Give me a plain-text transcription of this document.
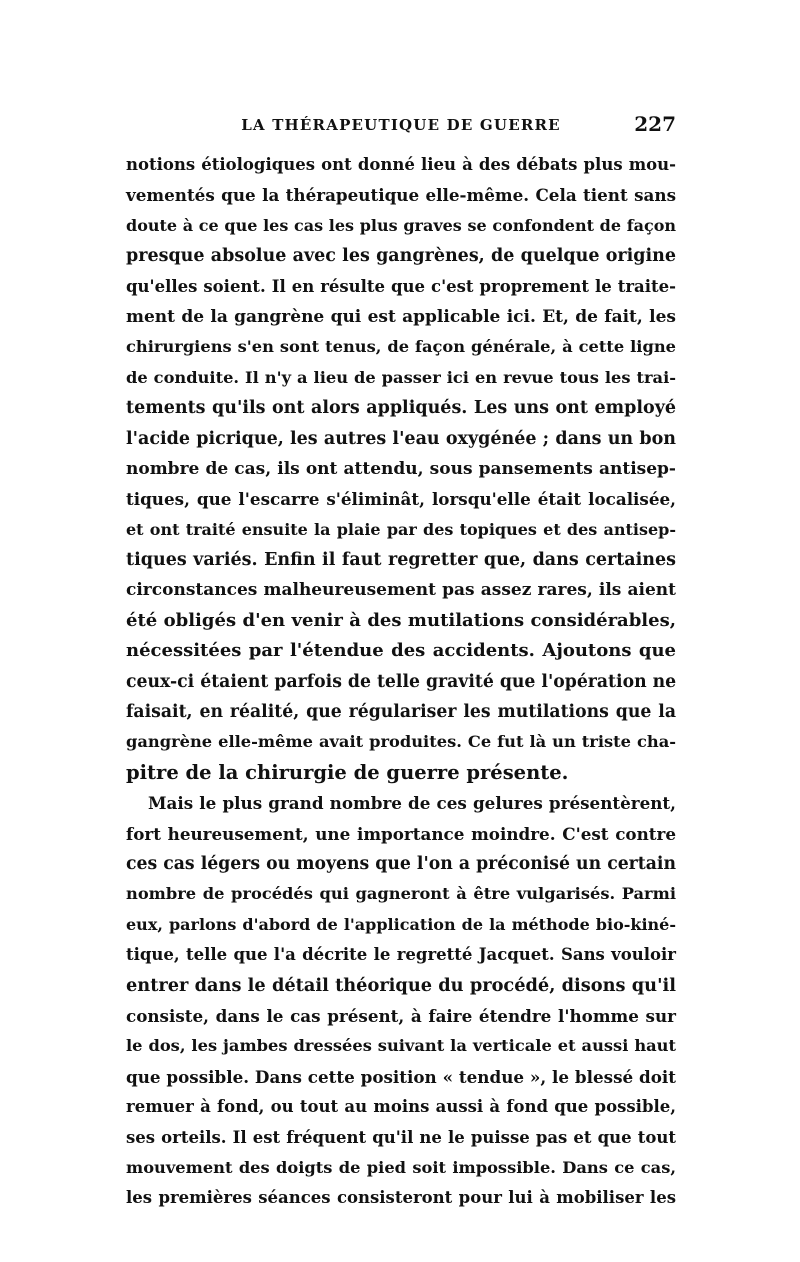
LA THÉRAPEUTIQUE DE GUERRE	227
notions étiologiques ont donné lieu à des débats plus mou-
vementés que la thérapeutique elle-même. Cela tient sans
doute à ce que les cas les plus graves se confondent de façon
presque absolue avec les gangrènes, de quelque origine
qu'elles soient. Il en résulte que c'est proprement le traite-
ment de la gangrène qui est applicable ici. Et, de fait, les
chirurgiens s'en sont tenus, de façon générale, à cette ligne
de conduite. Il n'y a lieu de passer ici en revue tous les trai-
tements qu'ils ont alors appliqués. Les uns ont employé
l'acide picrique, les autres l'eau oxygénée ; dans un bon
nombre de cas, ils ont attendu, sous pansements antisep-
tiques, que l'escarre s'éliminât, lorsqu'elle était localisée,
et ont traité ensuite la plaie par des topiques et des antisep-
tiques variés. Enfin il faut regretter que, dans certaines
circonstances malheureusement pas assez rares, ils aient
été obligés d'en venir à des mutilations considérables,
nécessitées par l'étendue des accidents. Ajoutons que
ceux-ci étaient parfois de telle gravité que l'opération ne
faisait, en réalité, que régulariser les mutilations que la
gangrène elle-même avait produites. Ce fut là un triste cha-
pitre de la chirurgie de guerre présente.
Mais le plus grand nombre de ces gelures présentèrent,
fort heureusement, une importance moindre. C'est contre
ces cas légers ou moyens que l'on a préconisé un certain
nombre de procédés qui gagneront à être vulgarisés. Parmi
eux, parlons d'abord de l'application de la méthode bio-kiné-
tique, telle que l'a décrite le regretté Jacquet. Sans vouloir
entrer dans le détail théorique du procédé, disons qu'il
consiste, dans le cas présent, à faire étendre l'homme sur
le dos, les jambes dressées suivant la verticale et aussi haut
que possible. Dans cette position « tendue », le blessé doit
remuer à fond, ou tout au moins aussi à fond que possible,
ses orteils. Il est fréquent qu'il ne le puisse pas et que tout
mouvement des doigts de pied soit impossible. Dans ce cas,
les premières séances consisteront pour lui à mobiliser les
